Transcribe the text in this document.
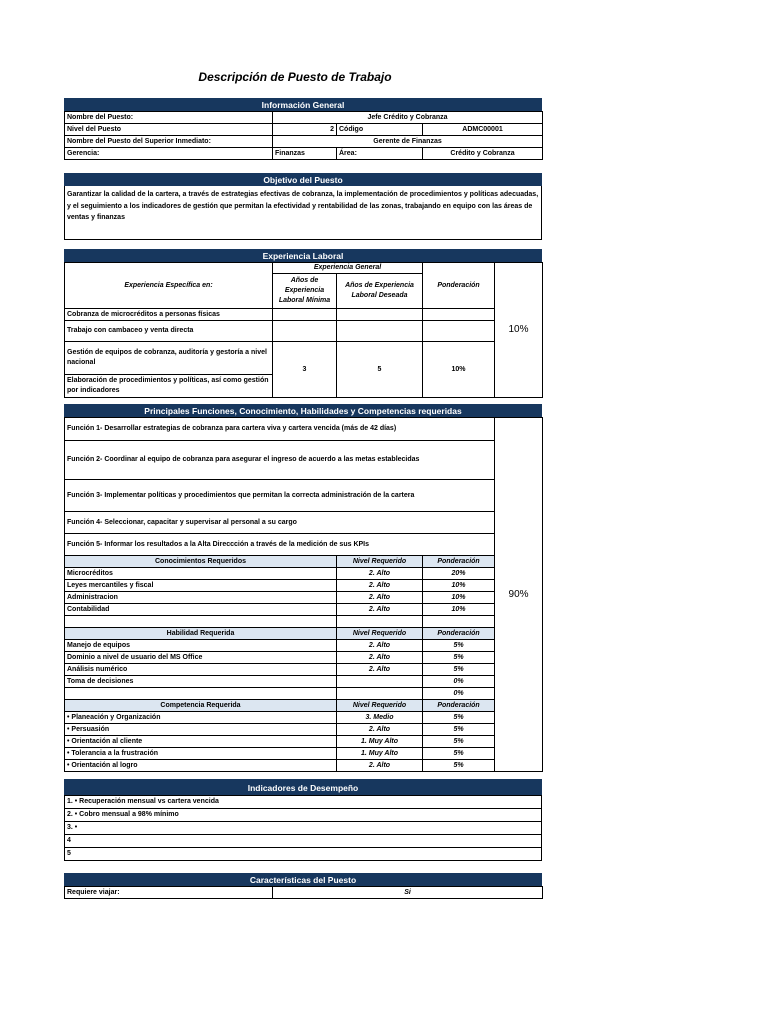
Descripción de Puesto de Trabajo
Información General
Nombre del Puesto:	Jefe Crédito y Cobranza		
Nivel del Puesto	2	Código	ADMC00001
Nombre del Puesto del Superior Inmediato:	Gerente de Finanzas		
Gerencia:	Finanzas	Área:	Crédito y Cobranza
Objetivo del Puesto
Garantizar la calidad de la cartera, a través de estrategias efectivas de cobranza, la implementación de procedimientos y políticas adecuadas, y el seguimiento a los indicadores de gestión que permitan la efectividad y rentabilidad de las zonas, trabajando en equipo con las áreas de ventas y finanzas
Experiencia Laboral
Experiencia Específica en:	Experiencia General		Ponderación	10%
	Años de Experiencia Laboral Mínima	Años de Experiencia Laboral Deseada		
Cobranza de microcréditos a personas físicas				
Trabajo con cambaceo y venta directa				
Gestión de equipos de cobranza, auditoría y gestoría a nivel nacional	3	5	10%	
Elaboración de procedimientos y políticas, así como gestión por indicadores				
Principales Funciones, Conocimiento, Habilidades y Competencias requeridas
Función 1- Desarrollar estrategias de cobranza para cartera viva y cartera vencida (más de 42 días)			90%
Función 2- Coordinar al equipo de cobranza para asegurar el ingreso de acuerdo a las metas establecidas			
Función 3- Implementar políticas y procedimientos que permitan la correcta administración de la cartera			
Función 4- Seleccionar, capacitar y supervisar al personal a su cargo			
Función 5- Informar los resultados a la Alta Direccción a través de la medición de sus KPIs			
Conocimientos Requeridos	Nivel Requerido	Ponderación	
Microcréditos	2. Alto	20%	
Leyes mercantiles y fiscal	2. Alto	10%	
Administracion	2. Alto	10%	
Contabilidad	2. Alto	10%	

Habilidad Requerida	Nivel Requerido	Ponderación	
Manejo de equipos	2. Alto	5%	
Dominio a nivel de usuario del MS Office	2. Alto	5%	
Análisis numérico	2. Alto	5%	
Toma de decisiones		0%	
		0%	
Competencia Requerida	Nivel Requerido	Ponderación	
• Planeación y Organización	3. Medio	5%	
• Persuasión	2. Alto	5%	
• Orientación al cliente	1. Muy Alto	5%	
• Tolerancia a la frustración	1. Muy Alto	5%	
• Orientación al logro	2. Alto	5%	
Indicadores de Desempeño
1. • Recuperación mensual vs cartera vencida
2. • Cobro mensual a 98% mínimo
3. •
4
5
Características del Puesto
Requiere viajar:	Si
